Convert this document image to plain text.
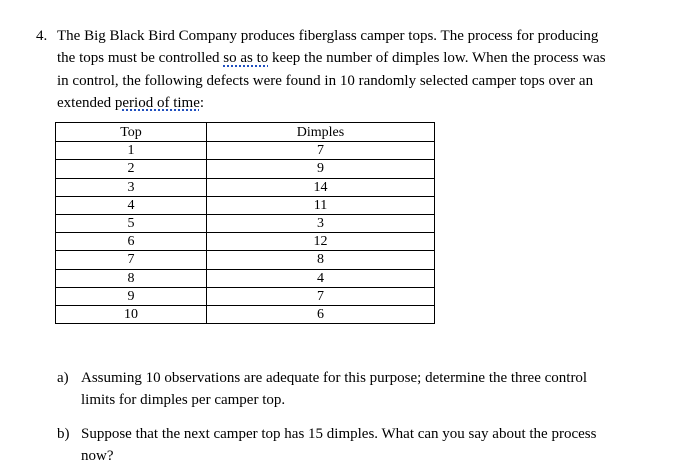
4. The Big Black Bird Company produces fiberglass camper tops. The process for producing
the tops must be controlled so as to keep the number of dimples low. When the process was
in control, the following defects were found in 10 randomly selected camper tops over an
extended period of time:
Top	Dimples
1	7
2	9
3	14
4	11
5	3
6	12
7	8
8	4
9	7
10	6
a) Assuming 10 observations are adequate for this purpose; determine the three control
limits for dimples per camper top.
b) Suppose that the next camper top has 15 dimples. What can you say about the process
now?
